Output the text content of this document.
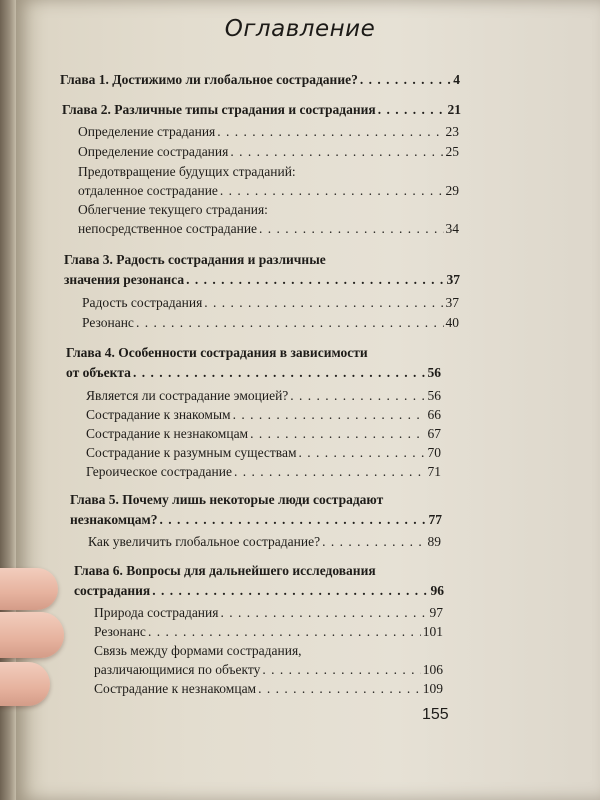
Оглавление
Глава 1. Достижимо ли глобальное сострадание? . . .	4
Глава 2. Различные типы страдания и сострадания . . .	21
Определение страдания . . .	23
Определение сострадания . . .	25
Предотвращение будущих страданий:
отдаленное сострадание . . .	29
Облегчение текущего страдания:
непосредственное сострадание . . .	34
Глава 3. Радость сострадания и различные
значения резонанса . . .	37
Радость сострадания . . .	37
Резонанс . . .	40
Глава 4. Особенности сострадания в зависимости
от объекта . . .	56
Является ли сострадание эмоцией? . . .	56
Сострадание к знакомым . . .	66
Сострадание к незнакомцам . . .	67
Сострадание к разумным существам . . .	70
Героическое сострадание . . .	71
Глава 5. Почему лишь некоторые люди сострадают
незнакомцам? . . .	77
Как увеличить глобальное сострадание? . . .	89
Глава 6. Вопросы для дальнейшего исследования
сострадания . . .	96
Природа сострадания . . .	97
Резонанс . . .	101
Связь между формами сострадания,
различающимися по объекту . . .	106
Сострадание к незнакомцам . . .	109
155
